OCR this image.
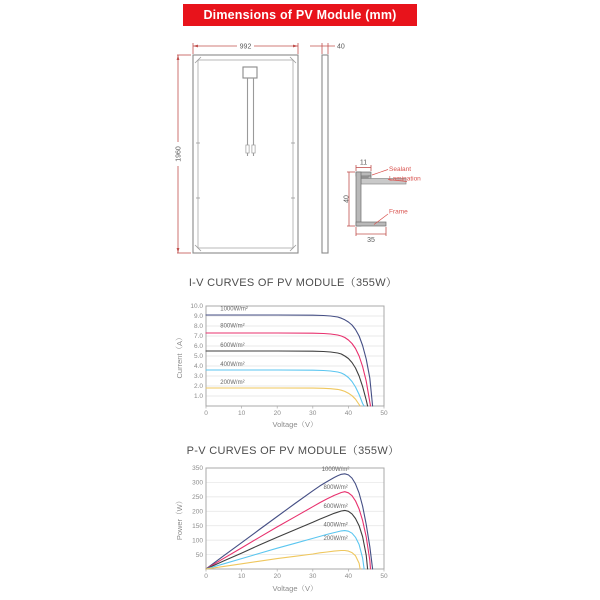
Dimensions of PV Module (mm)
992
1960
40
11
40
35
Sealant
Lamination
Frame
I-V CURVES OF PV MODULE（355W）
1.0
2.0
3.0
4.0
5.0
6.0
7.0
8.0
9.0
10.0
0	10	20	30	40	50
1000W/m²
800W/m²
600W/m²
400W/m²
200W/m²
Voltage（V）
Current（A）
P-V CURVES OF PV MODULE（355W）
50
100
150
200
250
300
350
0	10	20	30	40	50
1000W/m²
800W/m²
600W/m²
400W/m²
200W/m²
Voltage（V）
Power（W）
